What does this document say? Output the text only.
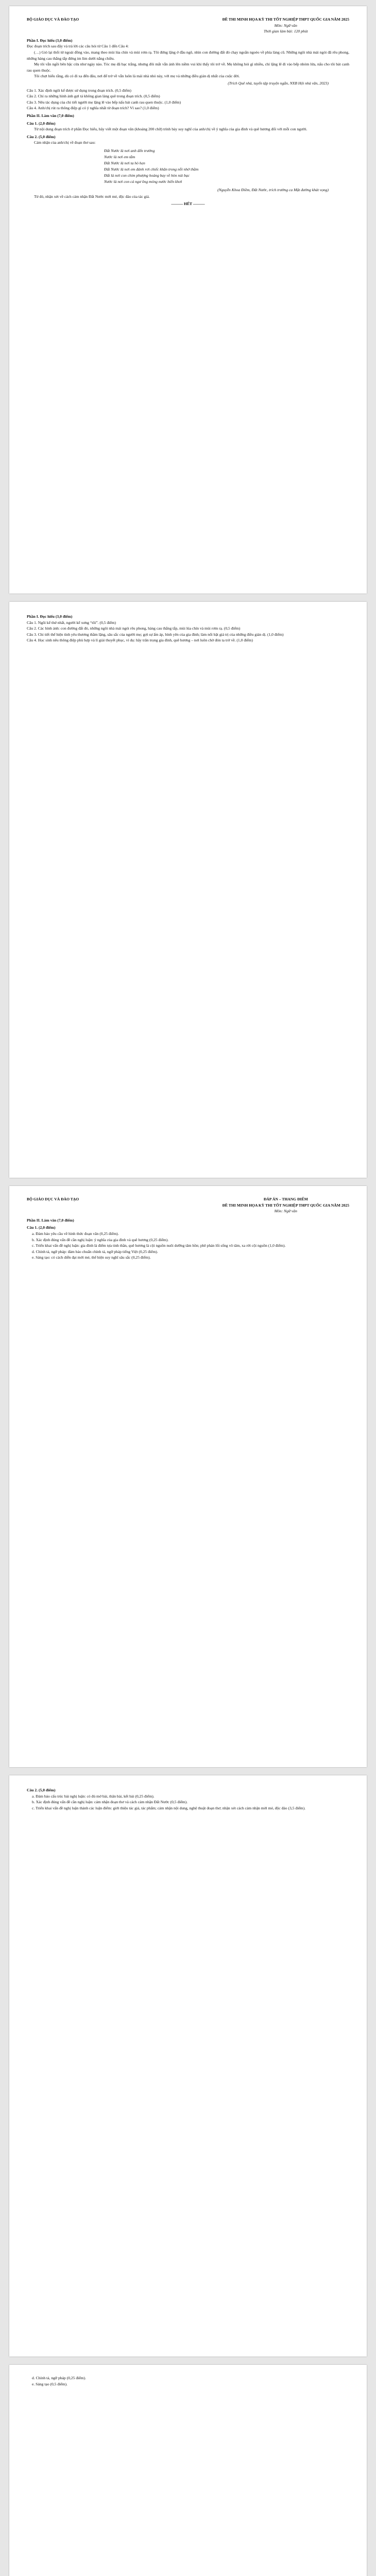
BỘ GIÁO DỤC VÀ ĐÀO TẠO	ĐỀ THI MINH HỌA KỲ THI TỐT NGHIỆP THPT QUỐC GIA NĂM 2025
Môn: Ngữ văn
Thời gian làm bài: 120 phút
Phần I. Đọc hiểu (3,0 điểm)

Đọc đoạn trích sau đây và trả lời các câu hỏi từ Câu 1 đến Câu 4:

(…) Gió lại thổi từ ngoài đồng vào, mang theo mùi lúa chín và mùi rơm rạ. Tôi đứng lặng ở đầu ngõ, nhìn con đường đất đỏ chạy ngoằn ngoèo về phía làng cũ. Những ngôi nhà mái ngói đã rêu phong, những hàng cau thẳng tắp đứng im lìm dưới nắng chiều.

Mẹ tôi vẫn ngồi bên bậc cửa như ngày nào. Tóc mẹ đã bạc trắng, nhưng đôi mắt vẫn ánh lên niềm vui khi thấy tôi trở về. Mẹ không hỏi gì nhiều, chỉ lặng lẽ đi vào bếp nhóm lửa, nấu cho tôi bát canh rau quen thuộc.

Tôi chợt hiểu rằng, dù có đi xa đến đâu, nơi để trở về vẫn luôn là mái nhà nhỏ này, với mẹ và những điều giản dị nhất của cuộc đời.

(Trích Quê nhà, tuyển tập truyện ngắn, NXB Hội nhà văn, 2023)

Câu 1. Xác định ngôi kể được sử dụng trong đoạn trích. (0,5 điểm)

Câu 2. Chỉ ra những hình ảnh gợi tả không gian làng quê trong đoạn trích. (0,5 điểm)

Câu 3. Nêu tác dụng của chi tiết người mẹ lặng lẽ vào bếp nấu bát canh rau quen thuộc. (1,0 điểm)

Câu 4. Anh/chị rút ra thông điệp gì có ý nghĩa nhất từ đoạn trích? Vì sao? (1,0 điểm)

Phần II. Làm văn (7,0 điểm)
Câu 1. (2,0 điểm)

Từ nội dung đoạn trích ở phần Đọc hiểu, hãy viết một đoạn văn (khoảng 200 chữ) trình bày suy nghĩ của anh/chị về ý nghĩa của gia đình và quê hương đối với mỗi con người.

Câu 2. (5,0 điểm)

Cảm nhận của anh/chị về đoạn thơ sau:

Đất Nước là nơi anh đến trường
Nước là nơi em tắm
Đất Nước là nơi ta hò hẹn
Đất Nước là nơi em đánh rơi chiếc khăn trong nỗi nhớ thầm
Đất là nơi con chim phượng hoàng bay về hòn núi bạc
Nước là nơi con cá ngư ông móng nước biển khơi
(Nguyễn Khoa Điềm, Đất Nước, trích trường ca Mặt đường khát vọng)

Từ đó, nhận xét về cách cảm nhận Đất Nước mới mẻ, độc đáo của tác giả.

——— HẾT ———
Phần I. Đọc hiểu (3,0 điểm)

Câu 1. Ngôi kể thứ nhất, người kể xưng “tôi”. (0,5 điểm)

Câu 2. Các hình ảnh: con đường đất đỏ, những ngôi nhà mái ngói rêu phong, hàng cau thẳng tắp, mùi lúa chín và mùi rơm rạ. (0,5 điểm)

Câu 3. Chi tiết thể hiện tình yêu thương thầm lặng, sâu sắc của người mẹ; gợi sự ấm áp, bình yên của gia đình; làm nổi bật giá trị của những điều giản dị. (1,0 điểm)

Câu 4. Học sinh nêu thông điệp phù hợp và lí giải thuyết phục, ví dụ: hãy trân trọng gia đình, quê hương – nơi luôn chờ đón ta trở về. (1,0 điểm)

BỘ GIÁO DỤC VÀ ĐÀO TẠO	ĐÁP ÁN – THANG ĐIỂM
ĐỀ THI MINH HỌA KỲ THI TỐT NGHIỆP THPT QUỐC GIA NĂM 2025
Môn: Ngữ văn
Phần II. Làm văn (7,0 điểm)
Câu 1. (2,0 điểm)

a. Đảm bảo yêu cầu về hình thức đoạn văn (0,25 điểm).

b. Xác định đúng vấn đề cần nghị luận: ý nghĩa của gia đình và quê hương (0,25 điểm).

c. Triển khai vấn đề nghị luận: gia đình là điểm tựa tinh thần, quê hương là cội nguồn nuôi dưỡng tâm hồn; phê phán lối sống vô tâm, xa rời cội nguồn (1,0 điểm).

d. Chính tả, ngữ pháp: đảm bảo chuẩn chính tả, ngữ pháp tiếng Việt (0,25 điểm).

e. Sáng tạo: có cách diễn đạt mới mẻ, thể hiện suy nghĩ sâu sắc (0,25 điểm).

Câu 2. (5,0 điểm)

a. Đảm bảo cấu trúc bài nghị luận: có đủ mở bài, thân bài, kết bài (0,25 điểm).

b. Xác định đúng vấn đề cần nghị luận: cảm nhận đoạn thơ và cách cảm nhận Đất Nước (0,5 điểm).

c. Triển khai vấn đề nghị luận thành các luận điểm: giới thiệu tác giả, tác phẩm; cảm nhận nội dung, nghệ thuật đoạn thơ; nhận xét cách cảm nhận mới mẻ, độc đáo (3,5 điểm).

d. Chính tả, ngữ pháp (0,25 điểm).

e. Sáng tạo (0,5 điểm).
